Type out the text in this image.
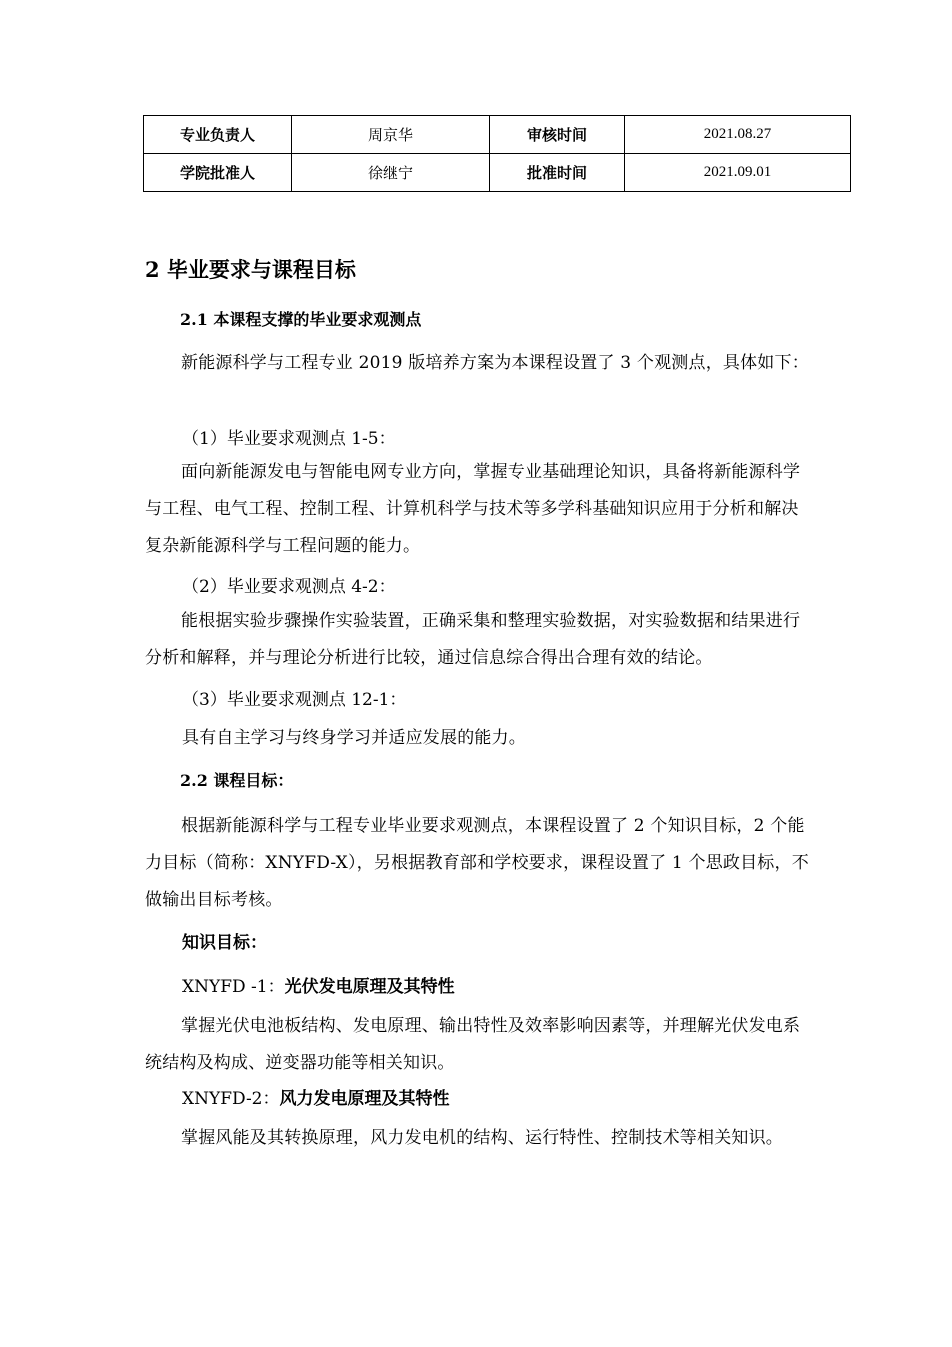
专业负责人	周京华	审核时间	2021.08.27
学院批准人	徐继宁	批准时间	2021.09.01
2 毕业要求与课程目标
2.1 本课程支撑的毕业要求观测点

新能源科学与工程专业 2019 版培养方案为本课程设置了 3 个观测点，具体如下：

（1）毕业要求观测点 1-5：

面向新能源发电与智能电网专业方向，掌握专业基础理论知识，具备将新能源科学与工程、电气工程、控制工程、计算机科学与技术等多学科基础知识应用于分析和解决复杂新能源科学与工程问题的能力。

（2）毕业要求观测点 4-2：

能根据实验步骤操作实验装置，正确采集和整理实验数据，对实验数据和结果进行分析和解释，并与理论分析进行比较，通过信息综合得出合理有效的结论。

（3）毕业要求观测点 12-1：

具有自主学习与终身学习并适应发展的能力。

2.2 课程目标：

根据新能源科学与工程专业毕业要求观测点，本课程设置了 2 个知识目标，2 个能力目标（简称：XNYFD-X），另根据教育部和学校要求，课程设置了 1 个思政目标，不做输出目标考核。

知识目标：
XNYFD -1：光伏发电原理及其特性

掌握光伏电池板结构、发电原理、输出特性及效率影响因素等，并理解光伏发电系统结构及构成、逆变器功能等相关知识。

XNYFD-2：风力发电原理及其特性

掌握风能及其转换原理，风力发电机的结构、运行特性、控制技术等相关知识。
